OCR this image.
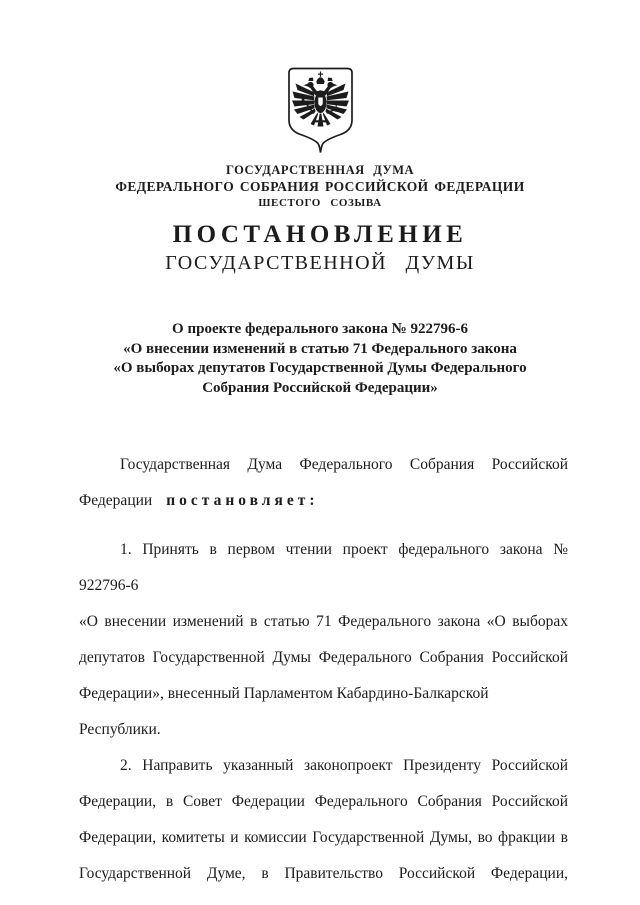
ГОСУДАРСТВЕННАЯ ДУМА
ФЕДЕРАЛЬНОГО СОБРАНИЯ РОССИЙСКОЙ ФЕДЕРАЦИИ
ШЕСТОГО СОЗЫВА
ПОСТАНОВЛЕНИЕ
ГОСУДАРСТВЕННОЙ ДУМЫ
О проекте федерального закона № 922796-6
«О внесении изменений в статью 71 Федерального закона
«О выборах депутатов Государственной Думы Федерального
Собрания Российской Федерации»
Государственная Дума Федерального Собрания Российской
Федерации постановляет:
1. Принять в первом чтении проект федерального закона № 922796-6
«О внесении изменений в статью 71 Федерального закона «О выборах
депутатов Государственной Думы Федерального Собрания Российской
Федерации», внесенный Парламентом Кабардино-Балкарской Республики.
2. Направить указанный законопроект Президенту Российской
Федерации, в Совет Федерации Федерального Собрания Российской
Федерации, комитеты и комиссии Государственной Думы, во фракции в
Государственной Думе, в Правительство Российской Федерации,
